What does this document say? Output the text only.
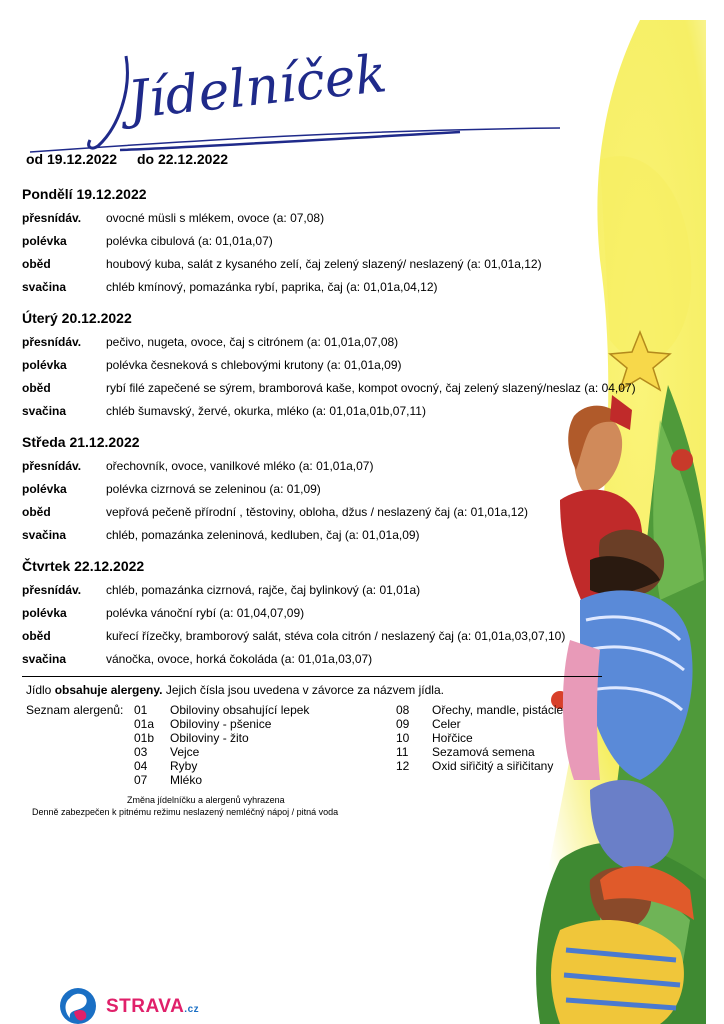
Jídelníček
od 19.12.2022 do 22.12.2022
Pondělí 19.12.2022
přesnídáv. ovocné müsli s mlékem, ovoce (a: 07,08)
polévka	polévka cibulová (a: 01,01a,07)
oběd	houbový kuba, salát z kysaného zelí, čaj zelený slazený/ neslazený (a: 01,01a,12)
svačina	chléb kmínový, pomazánka rybí, paprika, čaj (a: 01,01a,04,12)
Úterý 20.12.2022
přesnídáv. pečivo, nugeta, ovoce, čaj s citrónem (a: 01,01a,07,08)
polévka	polévka česneková s chlebovými krutony (a: 01,01a,09)
oběd	rybí filé zapečené se sýrem, bramborová kaše, kompot ovocný, čaj zelený slazený/neslaz (a: 04,07)
svačina	chléb šumavský, žervé, okurka, mléko (a: 01,01a,01b,07,11)
Středa 21.12.2022
přesnídáv. ořechovník, ovoce, vanilkové mléko (a: 01,01a,07)
polévka	polévka cizrnová se zeleninou (a: 01,09)
oběd	vepřová pečeně přírodní , těstoviny, obloha, džus / neslazený čaj (a: 01,01a,12)
svačina	chléb, pomazánka zeleninová, kedluben, čaj (a: 01,01a,09)
Čtvrtek 22.12.2022
přesnídáv. chléb, pomazánka cizrnová, rajče, čaj bylinkový (a: 01,01a)
polévka	polévka vánoční rybí (a: 01,04,07,09)
oběd	kuřecí řízečky, bramborový salát, stéva cola citrón / neslazený čaj (a: 01,01a,03,07,10)
svačina	vánočka, ovoce, horká čokoláda (a: 01,01a,03,07)
Jídlo obsahuje alergeny. Jejich čísla jsou uvedena v závorce za názvem jídla.
Seznam alergenů: 01 Obiloviny obsahující lepek
01a Obiloviny - pšenice
01b Obiloviny - žito
03 Vejce
04 Ryby
07 Mléko
08 Ořechy, mandle, pistácie
09 Celer
10 Hořčice
11 Sezamová semena
12 Oxid siřičitý a siřičitany
Změna jídelníčku a alergenů vyhrazena
Denně zabezpečen k pitnému režimu neslazený nemléčný nápoj / pitná voda
STRAVA.cz
